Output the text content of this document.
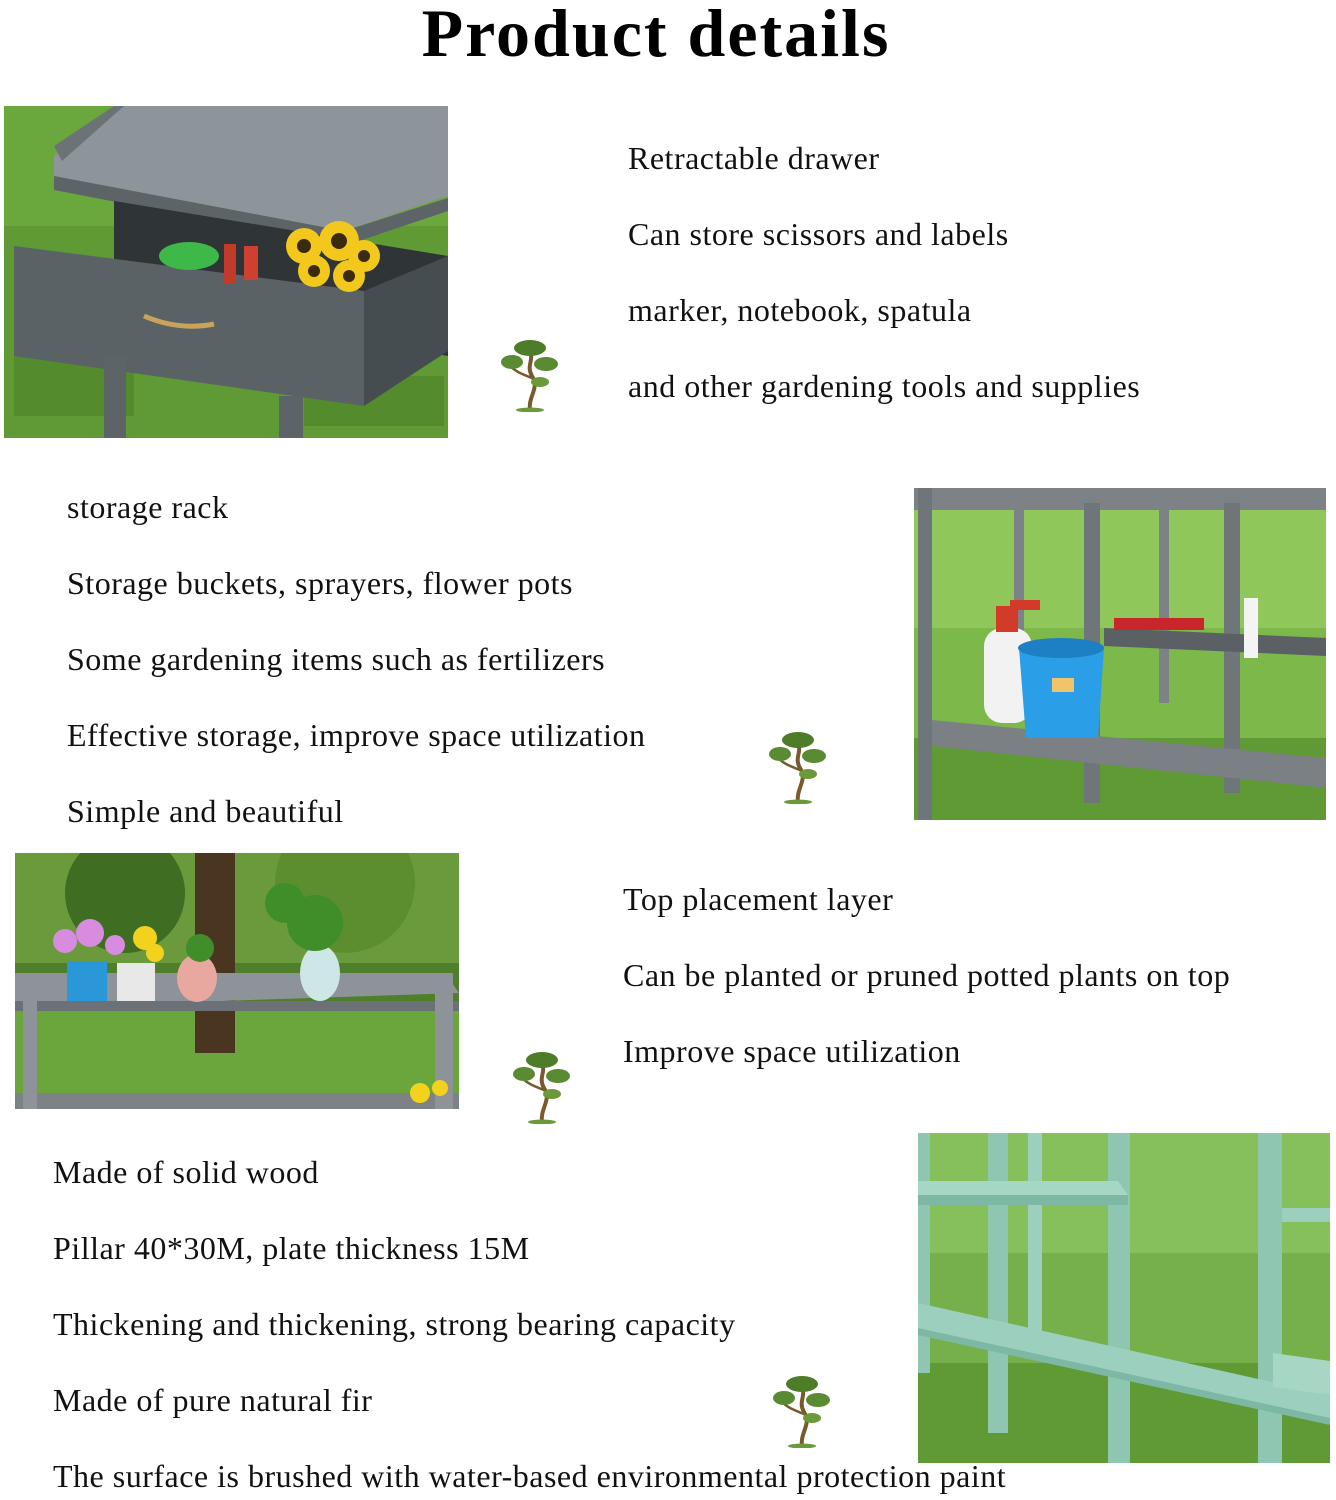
Product details
Retractable drawer
Can store scissors and labels
marker, notebook, spatula
and other gardening tools and supplies
storage rack
Storage buckets, sprayers, flower pots
Some gardening items such as fertilizers
Effective storage, improve space utilization
Simple and beautiful
Top placement layer
Can be planted or pruned potted plants on top
Improve space utilization
Made of solid wood
Pillar 40*30M, plate thickness 15M
Thickening and thickening, strong bearing capacity
Made of pure natural fir
The surface is brushed with water-based environmental protection paint
